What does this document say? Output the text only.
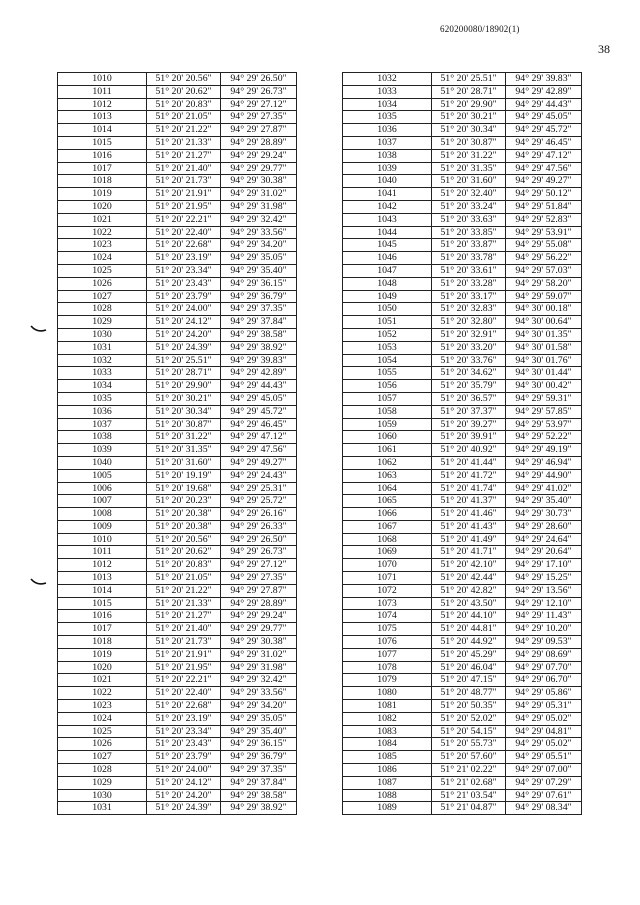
620200080/18902(1)
38
1010	51° 20' 20.56"	94° 29' 26.50"
1011	51° 20' 20.62"	94° 29' 26.73"
1012	51° 20' 20.83"	94° 29' 27.12"
1013	51° 20' 21.05"	94° 29' 27.35"
1014	51° 20' 21.22"	94° 29' 27.87"
1015	51° 20' 21.33"	94° 29' 28.89"
1016	51° 20' 21.27"	94° 29' 29.24"
1017	51° 20' 21.40"	94° 29' 29.77"
1018	51° 20' 21.73"	94° 29' 30.38"
1019	51° 20' 21.91"	94° 29' 31.02"
1020	51° 20' 21.95"	94° 29' 31.98"
1021	51° 20' 22.21"	94° 29' 32.42"
1022	51° 20' 22.40"	94° 29' 33.56"
1023	51° 20' 22.68"	94° 29' 34.20"
1024	51° 20' 23.19"	94° 29' 35.05"
1025	51° 20' 23.34"	94° 29' 35.40"
1026	51° 20' 23.43"	94° 29' 36.15"
1027	51° 20' 23.79"	94° 29' 36.79"
1028	51° 20' 24.00"	94° 29' 37.35"
1029	51° 20' 24.12"	94° 29' 37.84"
1030	51° 20' 24.20"	94° 29' 38.58"
1031	51° 20' 24.39"	94° 29' 38.92"
1032	51° 20' 25.51"	94° 29' 39.83"
1033	51° 20' 28.71"	94° 29' 42.89"
1034	51° 20' 29.90"	94° 29' 44.43"
1035	51° 20' 30.21"	94° 29' 45.05"
1036	51° 20' 30.34"	94° 29' 45.72"
1037	51° 20' 30.87"	94° 29' 46.45"
1038	51° 20' 31.22"	94° 29' 47.12"
1039	51° 20' 31.35"	94° 29' 47.56"
1040	51° 20' 31.60"	94° 29' 49.27"
1005	51° 20' 19.19"	94° 29' 24.43"
1006	51° 20' 19.68"	94° 29' 25.31"
1007	51° 20' 20.23"	94° 29' 25.72"
1008	51° 20' 20.38"	94° 29' 26.16"
1009	51° 20' 20.38"	94° 29' 26.33"
1010	51° 20' 20.56"	94° 29' 26.50"
1011	51° 20' 20.62"	94° 29' 26.73"
1012	51° 20' 20.83"	94° 29' 27.12"
1013	51° 20' 21.05"	94° 29' 27.35"
1014	51° 20' 21.22"	94° 29' 27.87"
1015	51° 20' 21.33"	94° 29' 28.89"
1016	51° 20' 21.27"	94° 29' 29.24"
1017	51° 20' 21.40"	94° 29' 29.77"
1018	51° 20' 21.73"	94° 29' 30.38"
1019	51° 20' 21.91"	94° 29' 31.02"
1020	51° 20' 21.95"	94° 29' 31.98"
1021	51° 20' 22.21"	94° 29' 32.42"
1022	51° 20' 22.40"	94° 29' 33.56"
1023	51° 20' 22.68"	94° 29' 34.20"
1024	51° 20' 23.19"	94° 29' 35.05"
1025	51° 20' 23.34"	94° 29' 35.40"
1026	51° 20' 23.43"	94° 29' 36.15"
1027	51° 20' 23.79"	94° 29' 36.79"
1028	51° 20' 24.00"	94° 29' 37.35"
1029	51° 20' 24.12"	94° 29' 37.84"
1030	51° 20' 24.20"	94° 29' 38.58"
1031	51° 20' 24.39"	94° 29' 38.92"
1032	51° 20' 25.51"	94° 29' 39.83"
1033	51° 20' 28.71"	94° 29' 42.89"
1034	51° 20' 29.90"	94° 29' 44.43"
1035	51° 20' 30.21"	94° 29' 45.05"
1036	51° 20' 30.34"	94° 29' 45.72"
1037	51° 20' 30.87"	94° 29' 46.45"
1038	51° 20' 31.22"	94° 29' 47.12"
1039	51° 20' 31.35"	94° 29' 47.56"
1040	51° 20' 31.60"	94° 29' 49.27"
1041	51° 20' 32.40"	94° 29' 50.12"
1042	51° 20' 33.24"	94° 29' 51.84"
1043	51° 20' 33.63"	94° 29' 52.83"
1044	51° 20' 33.85"	94° 29' 53.91"
1045	51° 20' 33.87"	94° 29' 55.08"
1046	51° 20' 33.78"	94° 29' 56.22"
1047	51° 20' 33.61"	94° 29' 57.03"
1048	51° 20' 33.28"	94° 29' 58.20"
1049	51° 20' 33.17"	94° 29' 59.07"
1050	51° 20' 32.83"	94° 30' 00.18"
1051	51° 20' 32.80"	94° 30' 00.64"
1052	51° 20' 32.91"	94° 30' 01.35"
1053	51° 20' 33.20"	94° 30' 01.58"
1054	51° 20' 33.76"	94° 30' 01.76"
1055	51° 20' 34.62"	94° 30' 01.44"
1056	51° 20' 35.79"	94° 30' 00.42"
1057	51° 20' 36.57"	94° 29' 59.31"
1058	51° 20' 37.37"	94° 29' 57.85"
1059	51° 20' 39.27"	94° 29' 53.97"
1060	51° 20' 39.91"	94° 29' 52.22"
1061	51° 20' 40.92"	94° 29' 49.19"
1062	51° 20' 41.44"	94° 29' 46.94"
1063	51° 20' 41.72"	94° 29' 44.90"
1064	51° 20' 41.74"	94° 29' 41.02"
1065	51° 20' 41.37"	94° 29' 35.40"
1066	51° 20' 41.46"	94° 29' 30.73"
1067	51° 20' 41.43"	94° 29' 28.60"
1068	51° 20' 41.49"	94° 29' 24.64"
1069	51° 20' 41.71"	94° 29' 20.64"
1070	51° 20' 42.10"	94° 29' 17.10"
1071	51° 20' 42.44"	94° 29' 15.25"
1072	51° 20' 42.82"	94° 29' 13.56"
1073	51° 20' 43.50"	94° 29' 12.10"
1074	51° 20' 44.10"	94° 29' 11.43"
1075	51° 20' 44.81"	94° 29' 10.20"
1076	51° 20' 44.92"	94° 29' 09.53"
1077	51° 20' 45.29"	94° 29' 08.69"
1078	51° 20' 46.04"	94° 29' 07.70"
1079	51° 20' 47.15"	94° 29' 06.70"
1080	51° 20' 48.77"	94° 29' 05.86"
1081	51° 20' 50.35"	94° 29' 05.31"
1082	51° 20' 52.02"	94° 29' 05.02"
1083	51° 20' 54.15"	94° 29' 04.81"
1084	51° 20' 55.73"	94° 29' 05.02"
1085	51° 20' 57.60"	94° 29' 05.51"
1086	51° 21' 02.22"	94° 29' 07.00"
1087	51° 21' 02.68"	94° 29' 07.29"
1088	51° 21' 03.54"	94° 29' 07.61"
1089	51° 21' 04.87"	94° 29' 08.34"
